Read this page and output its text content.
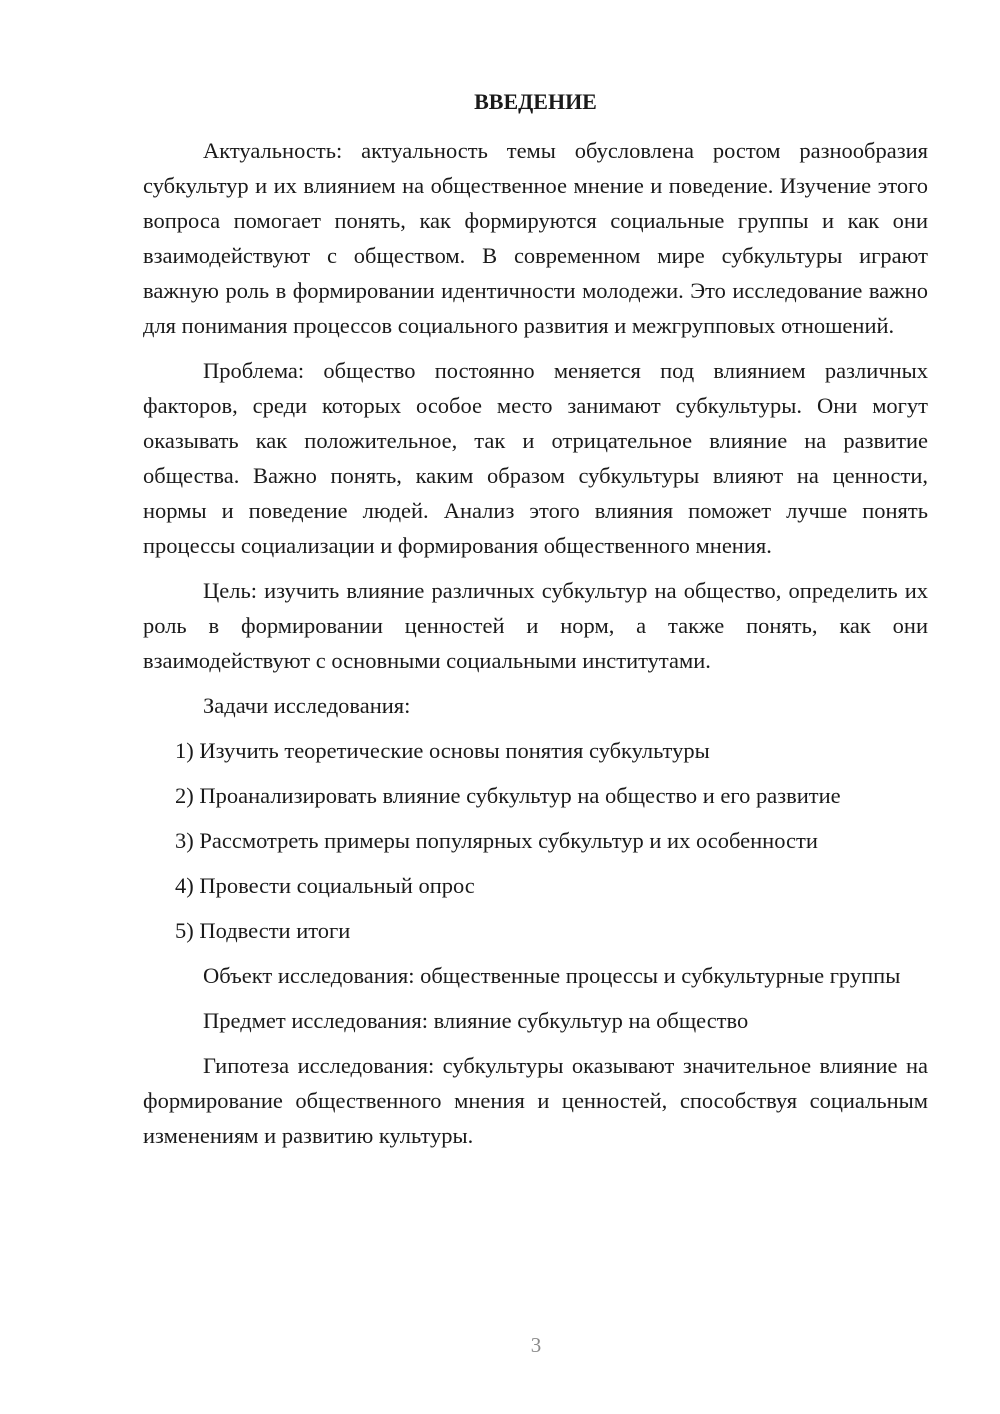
ВВЕДЕНИЕ

Актуальность: актуальность темы обусловлена ростом разнообразия субкультур и их влиянием на общественное мнение и поведение. Изучение этого вопроса помогает понять, как формируются социальные группы и как они взаимодействуют с обществом. В современном мире субкультуры играют важную роль в формировании идентичности молодежи. Это исследование важно для понимания процессов социального развития и межгрупповых отношений.

Проблема: общество постоянно меняется под влиянием различных факторов, среди которых особое место занимают субкультуры. Они могут оказывать как положительное, так и отрицательное влияние на развитие общества. Важно понять, каким образом субкультуры влияют на ценности, нормы и поведение людей. Анализ этого влияния поможет лучше понять процессы социализации и формирования общественного мнения.

Цель: изучить влияние различных субкультур на общество, определить их роль в формировании ценностей и норм, а также понять, как они взаимодействуют с основными социальными институтами.

Задачи исследования:

1) Изучить теоретические основы понятия субкультуры
2) Проанализировать влияние субкультур на общество и его развитие
3) Рассмотреть примеры популярных субкультур и их особенности
4) Провести социальный опрос
5) Подвести итоги

Объект исследования: общественные процессы и субкультурные группы

Предмет исследования: влияние субкультур на общество

Гипотеза исследования: субкультуры оказывают значительное влияние на формирование общественного мнения и ценностей, способствуя социальным изменениям и развитию культуры.

3
